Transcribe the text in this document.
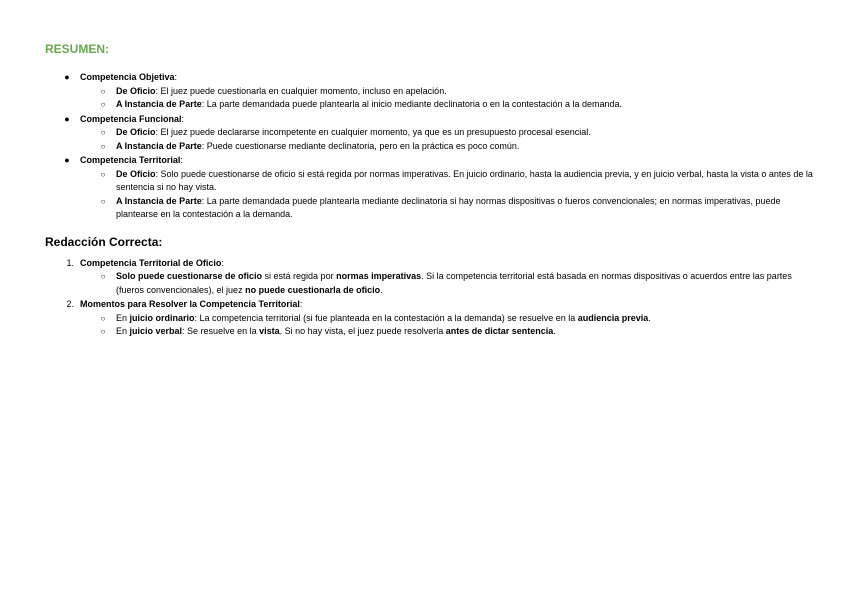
RESUMEN:
●	Competencia Objetiva:
○ De Oficio: El juez puede cuestionarla en cualquier momento, incluso en apelación.
○ A Instancia de Parte: La parte demandada puede plantearla al inicio mediante declinatoria o en la contestación a la demanda.
●	Competencia Funcional:
○ De Oficio: El juez puede declararse incompetente en cualquier momento, ya que es un presupuesto procesal esencial.
○ A Instancia de Parte: Puede cuestionarse mediante declinatoria, pero en la práctica es poco común.
●	Competencia Territorial:
○ De Oficio: Solo puede cuestionarse de oficio si está regida por normas imperativas. En juicio ordinario, hasta la audiencia previa, y en juicio verbal, hasta la vista o antes de la sentencia si no hay vista.
○ A Instancia de Parte: La parte demandada puede plantearla mediante declinatoria si hay normas dispositivas o fueros convencionales; en normas imperativas, puede plantearse en la contestación a la demanda.
Redacción Correcta:
1. Competencia Territorial de Oficio:
○ Solo puede cuestionarse de oficio si está regida por normas imperativas. Si la competencia territorial está basada en normas dispositivas o acuerdos entre las partes (fueros convencionales), el juez no puede cuestionarla de oficio.
2. Momentos para Resolver la Competencia Territorial:
○ En juicio ordinario: La competencia territorial (si fue planteada en la contestación a la demanda) se resuelve en la audiencia previa.
○ En juicio verbal: Se resuelve en la vista. Si no hay vista, el juez puede resolverla antes de dictar sentencia.
